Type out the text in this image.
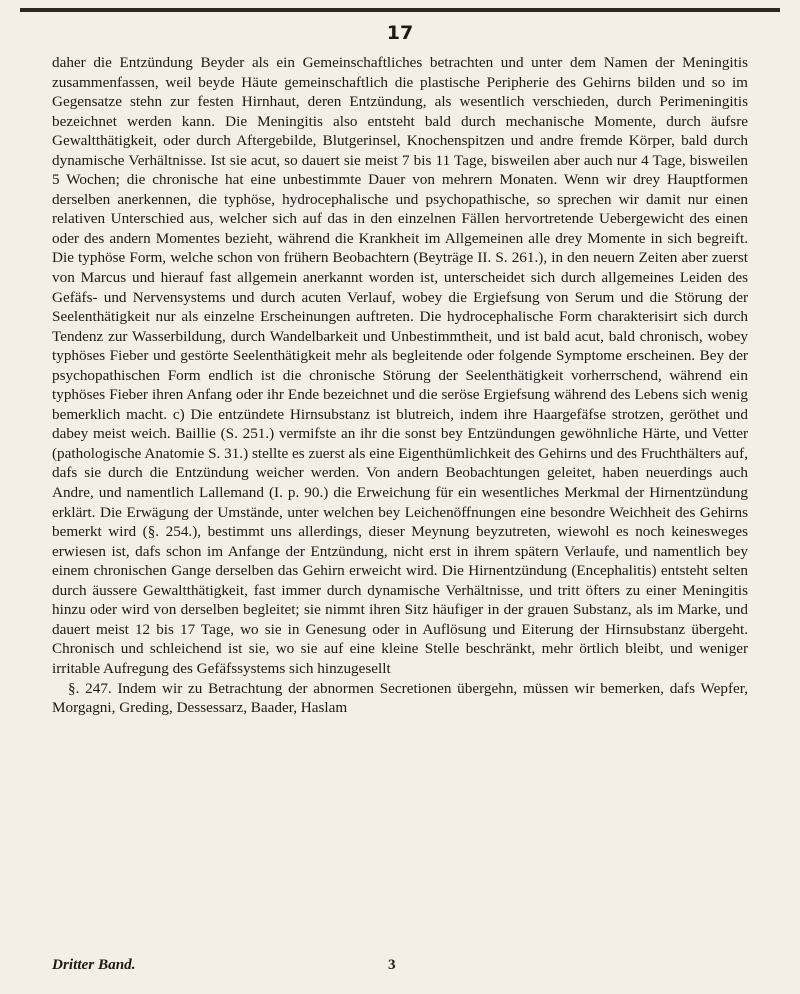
17

daher die Entzündung Beyder als ein Gemeinschaftliches betrachten und unter dem Namen der Meningitis zusammenfassen, weil beyde Häute gemeinschaftlich die plastische Peripherie des Gehirns bilden und so im Gegensatze stehn zur festen Hirnhaut, deren Entzündung, als wesentlich verschieden, durch Perimeningitis bezeichnet werden kann. Die Meningitis also entsteht bald durch mechanische Momente, durch äufsre Gewaltthätigkeit, oder durch Aftergebilde, Blutgerinsel, Knochenspitzen und andre fremde Körper, bald durch dynamische Verhältnisse. Ist sie acut, so dauert sie meist 7 bis 11 Tage, bisweilen aber auch nur 4 Tage, bisweilen 5 Wochen; die chronische hat eine unbestimmte Dauer von mehrern Monaten. Wenn wir drey Hauptformen derselben anerkennen, die typhöse, hydrocephalische und psychopathische, so sprechen wir damit nur einen relativen Unterschied aus, welcher sich auf das in den einzelnen Fällen hervortretende Uebergewicht des einen oder des andern Momentes bezieht, während die Krankheit im Allgemeinen alle drey Momente in sich begreift. Die typhöse Form, welche schon von frühern Beobachtern (Beyträge II. S. 261.), in den neuern Zeiten aber zuerst von Marcus und hierauf fast allgemein anerkannt worden ist, unterscheidet sich durch allgemeines Leiden des Gefäfs- und Nervensystems und durch acuten Verlauf, wobey die Ergiefsung von Serum und die Störung der Seelenthätigkeit nur als einzelne Erscheinungen auftreten. Die hydrocephalische Form charakterisirt sich durch Tendenz zur Wasserbildung, durch Wandelbarkeit und Unbestimmtheit, und ist bald acut, bald chronisch, wobey typhöses Fieber und gestörte Seelenthätigkeit mehr als begleitende oder folgende Symptome erscheinen. Bey der psychopathischen Form endlich ist die chronische Störung der Seelenthätigkeit vorherrschend, während ein typhöses Fieber ihren Anfang oder ihr Ende bezeichnet und die seröse Ergiefsung während des Lebens sich wenig bemerklich macht. c) Die entzündete Hirnsubstanz ist blutreich, indem ihre Haargefäfse strotzen, geröthet und dabey meist weich. Baillie (S. 251.) vermifste an ihr die sonst bey Entzündungen gewöhnliche Härte, und Vetter (pathologische Anatomie S. 31.) stellte es zuerst als eine Eigenthümlichkeit des Gehirns und des Fruchthälters auf, dafs sie durch die Entzündung weicher werden. Von andern Beobachtungen geleitet, haben neuerdings auch Andre, und namentlich Lallemand (I. p. 90.) die Erweichung für ein wesentliches Merkmal der Hirnentzündung erklärt. Die Erwägung der Umstände, unter welchen bey Leichenöffnungen eine besondre Weichheit des Gehirns bemerkt wird (§. 254.), bestimmt uns allerdings, dieser Meynung beyzutreten, wiewohl es noch keinesweges erwiesen ist, dafs schon im Anfange der Entzündung, nicht erst in ihrem spätern Verlaufe, und namentlich bey einem chronischen Gange derselben das Gehirn erweicht wird. Die Hirnentzündung (Encephalitis) entsteht selten durch äussere Gewaltthätigkeit, fast immer durch dynamische Verhältnisse, und tritt öfters zu einer Meningitis hinzu oder wird von derselben begleitet; sie nimmt ihren Sitz häufiger in der grauen Substanz, als im Marke, und dauert meist 12 bis 17 Tage, wo sie in Genesung oder in Auflösung und Eiterung der Hirnsubstanz übergeht. Chronisch und schleichend ist sie, wo sie auf eine kleine Stelle beschränkt, mehr örtlich bleibt, und weniger irritable Aufregung des Gefäfssystems sich hinzugesellt

§. 247. Indem wir zu Betrachtung der abnormen Secretionen übergehn, müssen wir bemerken, dafs Wepfer, Morgagni, Greding, Dessessarz, Baader, Haslam

Dritter Band.	3
